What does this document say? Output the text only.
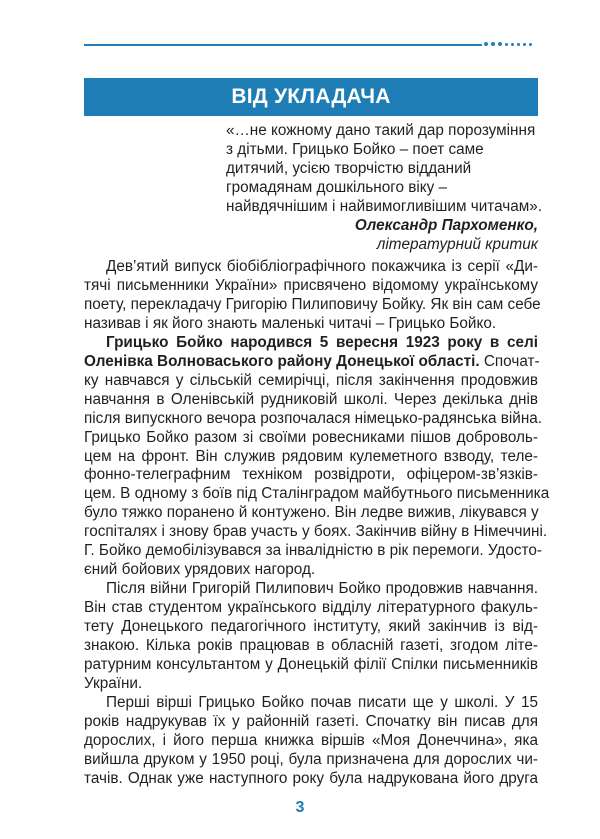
ВІД УКЛАДАЧА
«…не кожному дано такий дар порозуміння
з дітьми. Грицько Бойко – поет саме
дитячий, усією творчістю відданий
громадянам дошкільного віку –
найвдячнішим і найвимогливішим читачам».
Олександр Пархоменко,
літературний критик
Дев’ятий випуск біобібліографічного покажчика із серії «Ди-
тячі письменники України» присвячено відомому українському
поету, перекладачу Григорію Пилиповичу Бойку. Як він сам себе
називав і як його знають маленькі читачі – Грицько Бойко.
Грицько Бойко народився 5 вересня 1923 року в селі
Оленівка Волноваського району Донецької області. Спочат-
ку навчався у сільській семирічці, після закінчення продовжив
навчання в Оленівській рудниковій школі. Через декілька днів
після випускного вечора розпочалася німецько-радянська війна.
Грицько Бойко разом зі своїми ровесниками пішов доброволь-
цем на фронт. Він служив рядовим кулеметного взводу, теле-
фонно-телеграфним техніком розвідроти, офіцером-зв’язків-
цем. В одному з боїв під Сталінградом майбутнього письменника
було тяжко поранено й контужено. Він ледве вижив, лікувався у
госпіталях і знову брав участь у боях. Закінчив війну в Німеччині.
Г. Бойко демобілізувався за інвалідністю в рік перемоги. Удосто-
єний бойових урядових нагород.
Після війни Григорій Пилипович Бойко продовжив навчання.
Він став студентом українського відділу літературного факуль-
тету Донецького педагогічного інституту, який закінчив із від-
знакою. Кілька років працював в обласній газеті, згодом літе-
ратурним консультантом у Донецькій філії Спілки письменників
України.
Перші вірші Грицько Бойко почав писати ще у школі. У 15
років надрукував їх у районній газеті. Спочатку він писав для
дорослих, і його перша книжка віршів «Моя Донеччина», яка
вийшла друком у 1950 році, була призначена для дорослих чи-
тачів. Однак уже наступного року була надрукована його друга
3
